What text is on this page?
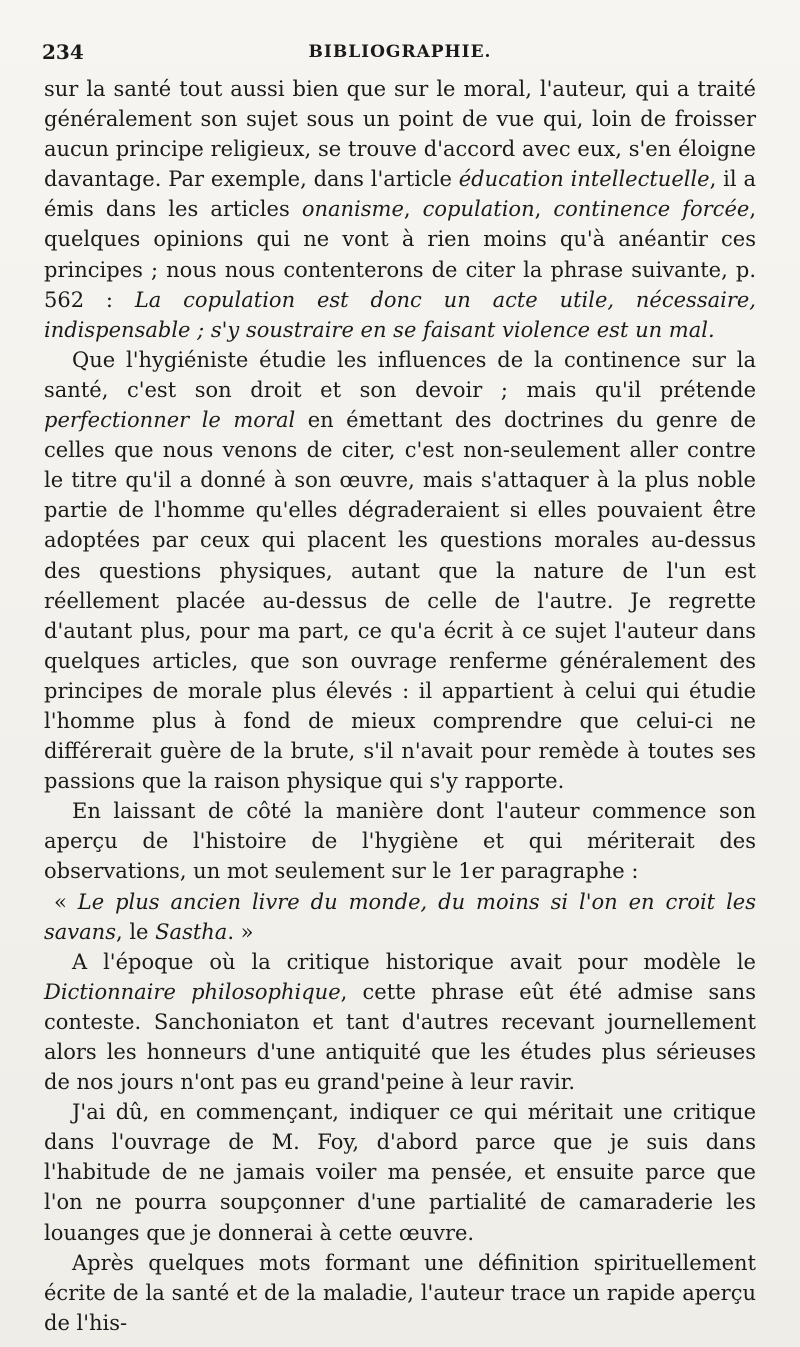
234	BIBLIOGRAPHIE.

sur la santé tout aussi bien que sur le moral, l'auteur, qui a traité généralement son sujet sous un point de vue qui, loin de froisser aucun principe religieux, se trouve d'accord avec eux, s'en éloigne davantage. Par exemple, dans l'article éducation intellectuelle, il a émis dans les articles onanisme, copulation, continence forcée, quelques opinions qui ne vont à rien moins qu'à anéantir ces principes ; nous nous contenterons de citer la phrase suivante, p. 562 : La copulation est donc un acte utile, nécessaire, indispensable ; s'y soustraire en se faisant violence est un mal.

Que l'hygiéniste étudie les influences de la continence sur la santé, c'est son droit et son devoir ; mais qu'il prétende perfectionner le moral en émettant des doctrines du genre de celles que nous venons de citer, c'est non-seulement aller contre le titre qu'il a donné à son œuvre, mais s'attaquer à la plus noble partie de l'homme qu'elles dégraderaient si elles pouvaient être adoptées par ceux qui placent les questions morales au-dessus des questions physiques, autant que la nature de l'un est réellement placée au-dessus de celle de l'autre. Je regrette d'autant plus, pour ma part, ce qu'a écrit à ce sujet l'auteur dans quelques articles, que son ouvrage renferme généralement des principes de morale plus élevés : il appartient à celui qui étudie l'homme plus à fond de mieux comprendre que celui-ci ne différerait guère de la brute, s'il n'avait pour remède à toutes ses passions que la raison physique qui s'y rapporte.

En laissant de côté la manière dont l'auteur commence son aperçu de l'histoire de l'hygiène et qui mériterait des observations, un mot seulement sur le 1er paragraphe :

« Le plus ancien livre du monde, du moins si l'on en croit les savans, le Sastha. »

A l'époque où la critique historique avait pour modèle le Dictionnaire philosophique, cette phrase eût été admise sans conteste. Sanchoniaton et tant d'autres recevant journellement alors les honneurs d'une antiquité que les études plus sérieuses de nos jours n'ont pas eu grand'peine à leur ravir.

J'ai dû, en commençant, indiquer ce qui méritait une critique dans l'ouvrage de M. Foy, d'abord parce que je suis dans l'habitude de ne jamais voiler ma pensée, et ensuite parce que l'on ne pourra soupçonner d'une partialité de camaraderie les louanges que je donnerai à cette œuvre.

Après quelques mots formant une définition spirituellement écrite de la santé et de la maladie, l'auteur trace un rapide aperçu de l'his-
